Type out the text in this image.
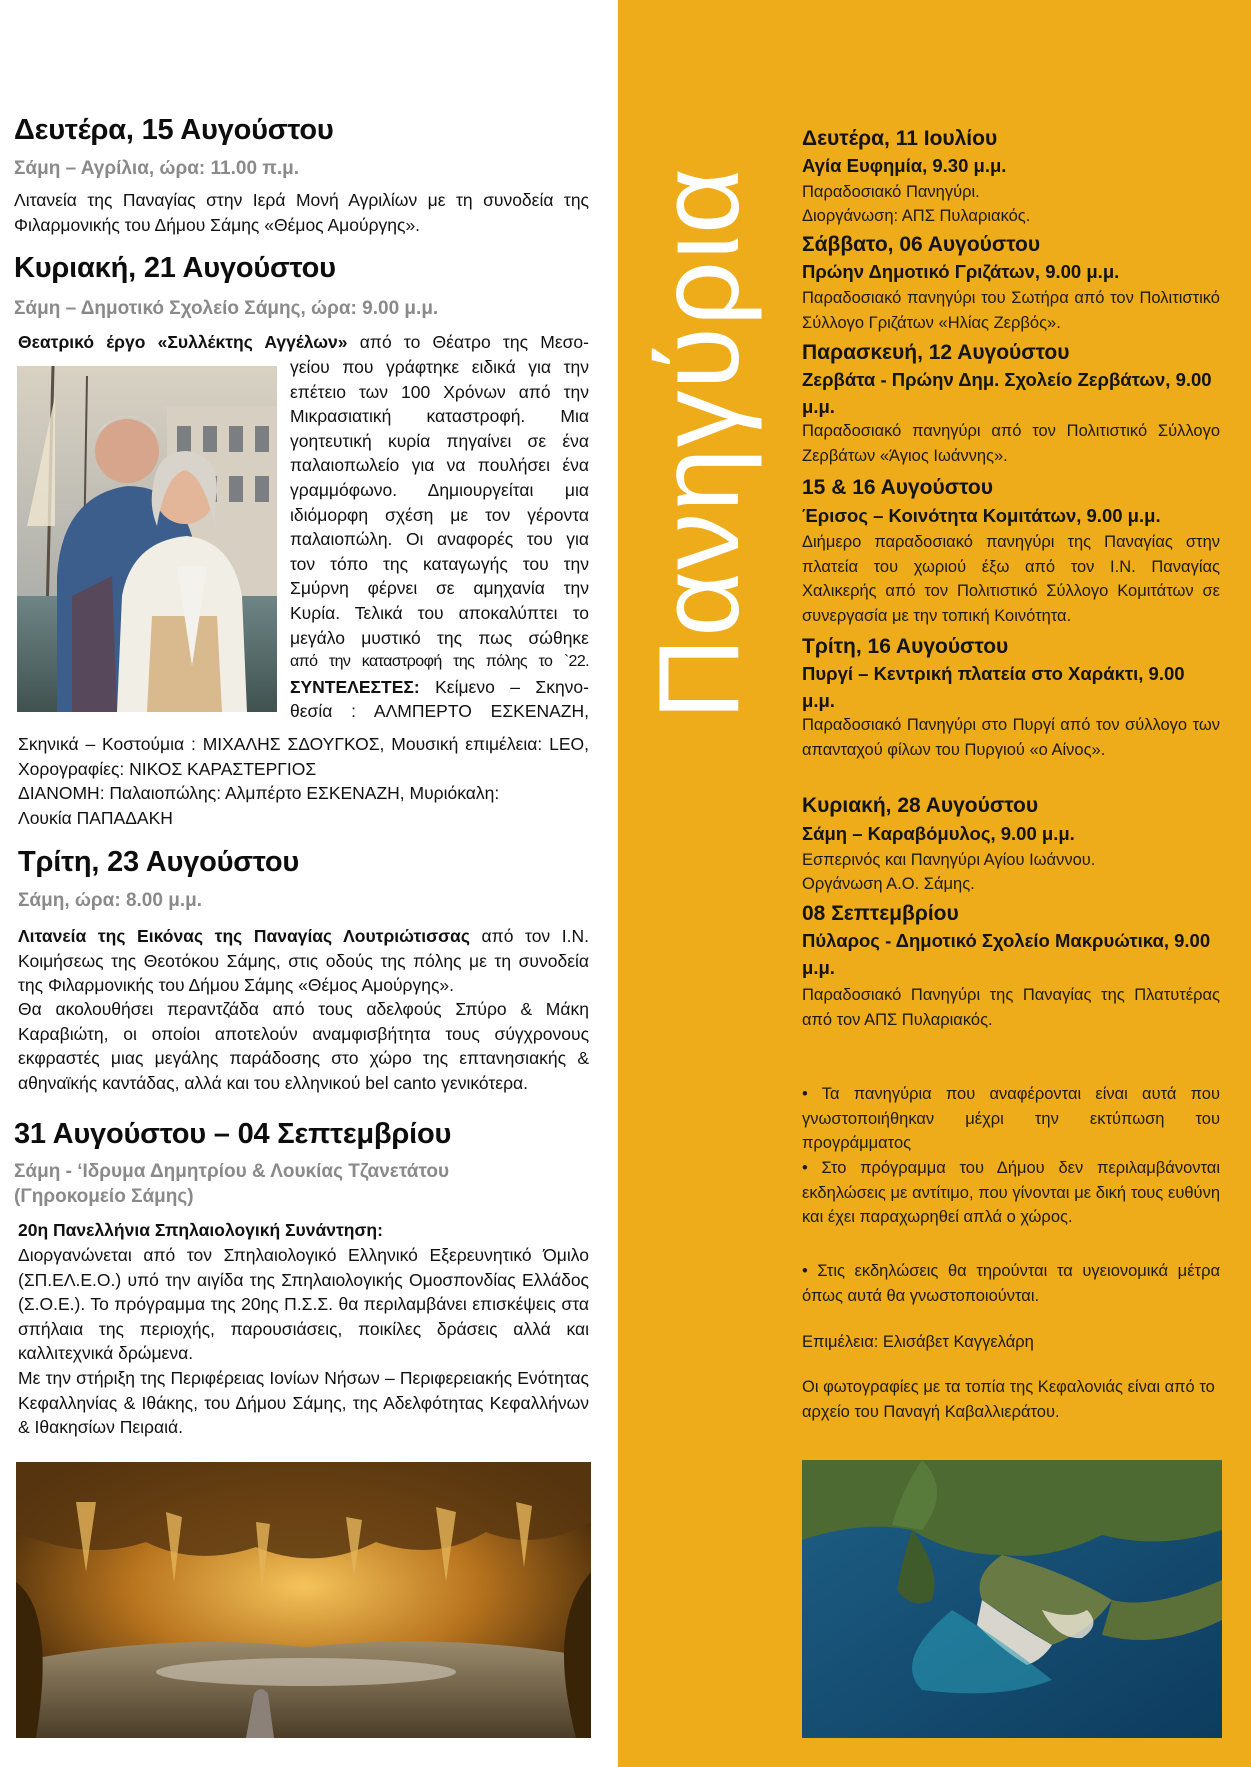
Δευτέρα, 15 Αυγούστου

Σάμη – Αγρίλια, ώρα: 11.00 π.μ.

Λιτανεία της Παναγίας στην Ιερά Μονή Αγριλίων με τη συνοδεία της Φιλαρμονικής του Δήμου Σάμης «Θέμος Αμούργης».

Κυριακή, 21 Αυγούστου

Σάμη – Δημοτικό Σχολείο Σάμης, ώρα: 9.00 μ.μ.

Θεατρικό έργο «Συλλέκτης Αγγέλων» από το Θέατρο της Μεσο-

γείου που γράφτηκε ειδικά για την

επέτειο των 100 Χρόνων από την

Μικρασιατική καταστροφή. Μια

γοητευτική κυρία πηγαίνει σε ένα

παλαιοπωλείο για να πουλήσει ένα

γραμμόφωνο. Δημιουργείται μια

ιδιόμορφη σχέση με τον γέροντα

παλαιοπώλη. Οι αναφορές του για

τον τόπο της καταγωγής του την

Σμύρνη φέρνει σε αμηχανία την

Κυρία. Τελικά του αποκαλύπτει το

μεγάλο μυστικό της πως σώθηκε

από την καταστροφή της πόλης το `22.

ΣΥΝΤΕΛΕΣΤΕΣ: Κείμενο – Σκηνο-

θεσία : ΑΛΜΠΕΡΤΟ ΕΣΚΕΝΑΖΗ,

Σκηνικά – Κοστούμια : ΜΙΧΑΛΗΣ ΣΔΟΥΓΚΟΣ, Μουσική επιμέλεια: LEO, Χορογραφίες: ΝΙΚΟΣ ΚΑΡΑΣΤΕΡΓΙΟΣ

ΔΙΑΝΟΜΗ: Παλαιοπώλης: Αλμπέρτο ΕΣΚΕΝΑΖΗ, Μυριόκαλη:

Λουκία ΠΑΠΑΔΑΚΗ

Τρίτη, 23 Αυγούστου

Σάμη, ώρα: 8.00 μ.μ.

Λιτανεία της Εικόνας της Παναγίας Λουτριώτισσας από τον Ι.Ν. Κοιμήσεως της Θεοτόκου Σάμης, στις οδούς της πόλης με τη συνοδεία της Φιλαρμονικής του Δήμου Σάμης «Θέμος Αμούργης».

Θα ακολουθήσει περαντζάδα από τους αδελφούς Σπύρο & Μάκη Καραβιώτη, οι οποίοι αποτελούν αναμφισβήτητα τους σύγχρονους εκφραστές μιας μεγάλης παράδοσης στο χώρο της επτανησιακής & αθηναϊκής καντάδας, αλλά και του ελληνικού bel canto γενικότερα.

31 Αυγούστου – 04 Σεπτεμβρίου

Σάμη - ‘Ιδρυμα Δημητρίου & Λουκίας Τζανετάτου

(Γηροκομείο Σάμης)

20η Πανελλήνια Σπηλαιολογική Συνάντηση:

Διοργανώνεται από τον Σπηλαιολογικό Ελληνικό Εξερευνητικό Όμιλο (ΣΠ.ΕΛ.Ε.Ο.) υπό την αιγίδα της Σπηλαιολογικής Ομοσπονδίας Ελλάδος (Σ.Ο.Ε.). Το πρόγραμμα της 20ης Π.Σ.Σ. θα περιλαμβάνει επισκέψεις στα σπήλαια της περιοχής, παρουσιάσεις, ποικίλες δράσεις αλλά και καλλιτεχνικά δρώμενα.

Με την στήριξη της Περιφέρειας Ιονίων Νήσων – Περιφερειακής Ενότητας Κεφαλληνίας & Ιθάκης, του Δήμου Σάμης, της Αδελφότητας Κεφαλλήνων & Ιθακησίων Πειραιά.

Πανηγύρια

Δευτέρα, 11 Ιουλίου

Αγία Ευφημία, 9.30 μ.μ.

Παραδοσιακό Πανηγύρι.

Διοργάνωση: ΑΠΣ Πυλαριακός.

Σάββατο, 06 Αυγούστου

Πρώην Δημοτικό Γριζάτων, 9.00 μ.μ.

Παραδοσιακό πανηγύρι του Σωτήρα από τον Πολιτιστικό Σύλλογο Γριζάτων «Ηλίας Ζερβός».

Παρασκευή, 12 Αυγούστου

Ζερβάτα - Πρώην Δημ. Σχολείο Ζερβάτων, 9.00 μ.μ.

Παραδοσιακό πανηγύρι από τον Πολιτιστικό Σύλλογο Ζερβάτων «Άγιος Ιωάννης».

15 & 16 Αυγούστου

Έρισος – Κοινότητα Κομιτάτων, 9.00 μ.μ.

Διήμερο παραδοσιακό πανηγύρι της Παναγίας στην πλατεία του χωριού έξω από τον Ι.Ν. Παναγίας Χαλικερής από τον Πολιτιστικό Σύλλογο Κομιτάτων σε συνεργασία με την τοπική Κοινότητα.

Τρίτη, 16 Αυγούστου

Πυργί – Κεντρική πλατεία στο Χαράκτι, 9.00 μ.μ.

Παραδοσιακό Πανηγύρι στο Πυργί από τον σύλλογο των απανταχού φίλων του Πυργιού «ο Αίνος».

Κυριακή, 28 Αυγούστου

Σάμη – Καραβόμυλος, 9.00 μ.μ.

Εσπερινός και Πανηγύρι Αγίου Ιωάννου.

Οργάνωση Α.Ο. Σάμης.

08 Σεπτεμβρίου

Πύλαρος - Δημοτικό Σχολείο Μακρυώτικα, 9.00 μ.μ.

Παραδοσιακό Πανηγύρι της Παναγίας της Πλατυτέρας από τον ΑΠΣ Πυλαριακός.

• Τα πανηγύρια που αναφέρονται είναι αυτά που γνωστοποιήθηκαν μέχρι την εκτύπωση του προγράμματος

• Στο πρόγραμμα του Δήμου δεν περιλαμβάνονται εκδηλώσεις με αντίτιμο, που γίνονται με δική τους ευθύνη και έχει παραχωρηθεί απλά ο χώρος.

• Στις εκδηλώσεις θα τηρούνται τα υγειονομικά μέτρα όπως αυτά θα γνωστοποιούνται.

Επιμέλεια: Ελισάβετ Καγγελάρη

Οι φωτογραφίες με τα τοπία της Κεφαλονιάς είναι από το αρχείο του Παναγή Καβαλλιεράτου.
